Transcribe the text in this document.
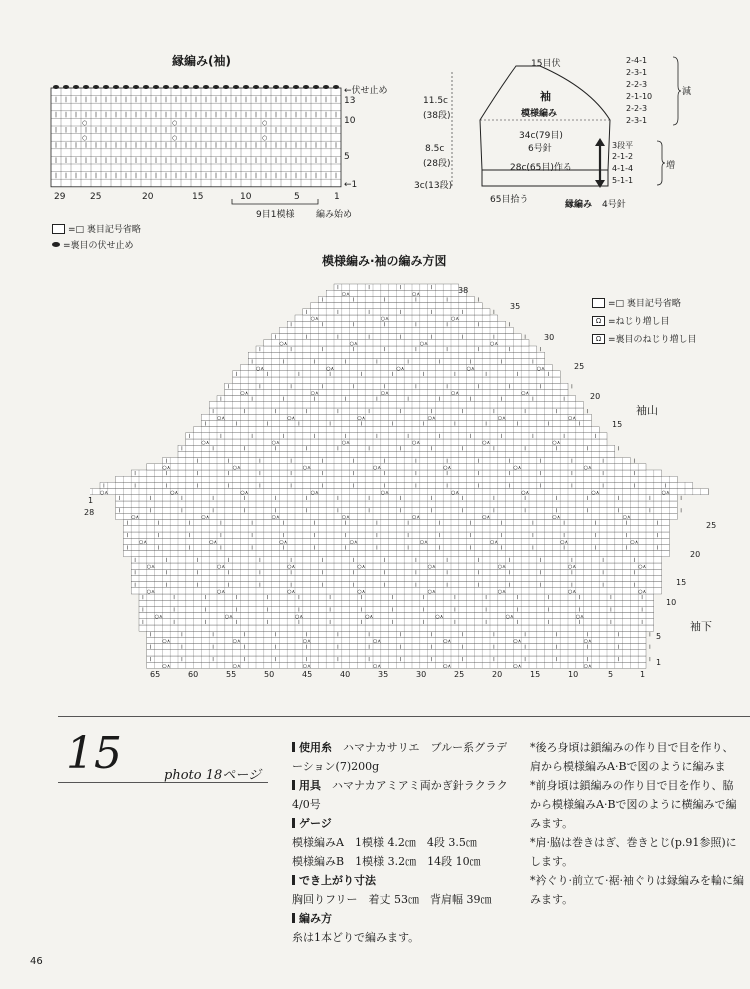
縁編み(袖)
○	○	○
○	○	○
←伏せ止め
13
10
5
←1
29	25	20	15	10	5	1
9目1模様 編み始め
=□ 裏目記号省略
=裏目の伏せ止め
15目伏
袖
模様編み
34c(79目)
6号針
28c(65目)作る
65目拾う	縁編み 4号針
11.5c
(38段)
8.5c
(28段)
3c(13段)
2-4-1
2-3-1
2-2-3
2-1-10
2-2-3
2-3-1
減
3段平
2-1-2
4-1-4
5-1-1
増
模様編み·袖の編み方図
○⋏	○⋏	○⋏	○⋏	○⋏	○⋏	○⋏
○⋏	○⋏	○⋏	○⋏	○⋏	○⋏	○⋏
○⋏	○⋏	○⋏	○⋏	○⋏	○⋏	○⋏
○⋏	○⋏	○⋏	○⋏	○⋏	○⋏	○⋏	○⋏
○⋏	○⋏	○⋏	○⋏	○⋏	○⋏	○⋏	○⋏
○⋏	○⋏	○⋏	○⋏	○⋏	○⋏	○⋏	○⋏
○⋏	○⋏	○⋏	○⋏	○⋏	○⋏	○⋏	○⋏
○⋏	○⋏	○⋏	○⋏	○⋏	○⋏	○⋏	○⋏	○⋏
○⋏	○⋏	○⋏	○⋏	○⋏	○⋏	○⋏
○⋏	○⋏	○⋏	○⋏	○⋏	○⋏
○⋏	○⋏	○⋏	○⋏	○⋏	○⋏
○⋏	○⋏	○⋏	○⋏	○⋏
○⋏	○⋏	○⋏	○⋏	○⋏
○⋏	○⋏	○⋏	○⋏
○⋏	○⋏	○⋏
○⋏	○⋏	38
35
30
25
20
15
1
28
25
20
15
10
5
1
65	60	55	50	45	40	35	30	25	20	15	10	5	1
袖山
袖下
=□ 裏目記号省略
Ω =ねじり増し目
Ω =裏目のねじり増し目
15	photo 18ページ
使用糸　 ハマナカサリエ　ブルー系グラデーション(7)200g
用具　 ハマナカアミアミ両かぎ針ラクラク 4/0号
ゲージ
模様編みA　1模様 4.2㎝　4段 3.5㎝
模様編みB　1模様 3.2㎝　14段 10㎝
でき上がり寸法
胸回りフリー　着丈 53㎝　背肩幅 39㎝
編み方
糸は1本どりで編みます。
*後ろ身頃は鎖編みの作り目で目を作り、肩から模様編みA·Bで図のように編みま
*前身頃は鎖編みの作り目で目を作り、脇から模様編みA·Bで図のように横編みで編みます。
*肩·脇は巻きはぎ、巻きとじ(p.91参照)にします。
*衿ぐり·前立て·裾·袖ぐりは縁編みを輪に編みます。
46
